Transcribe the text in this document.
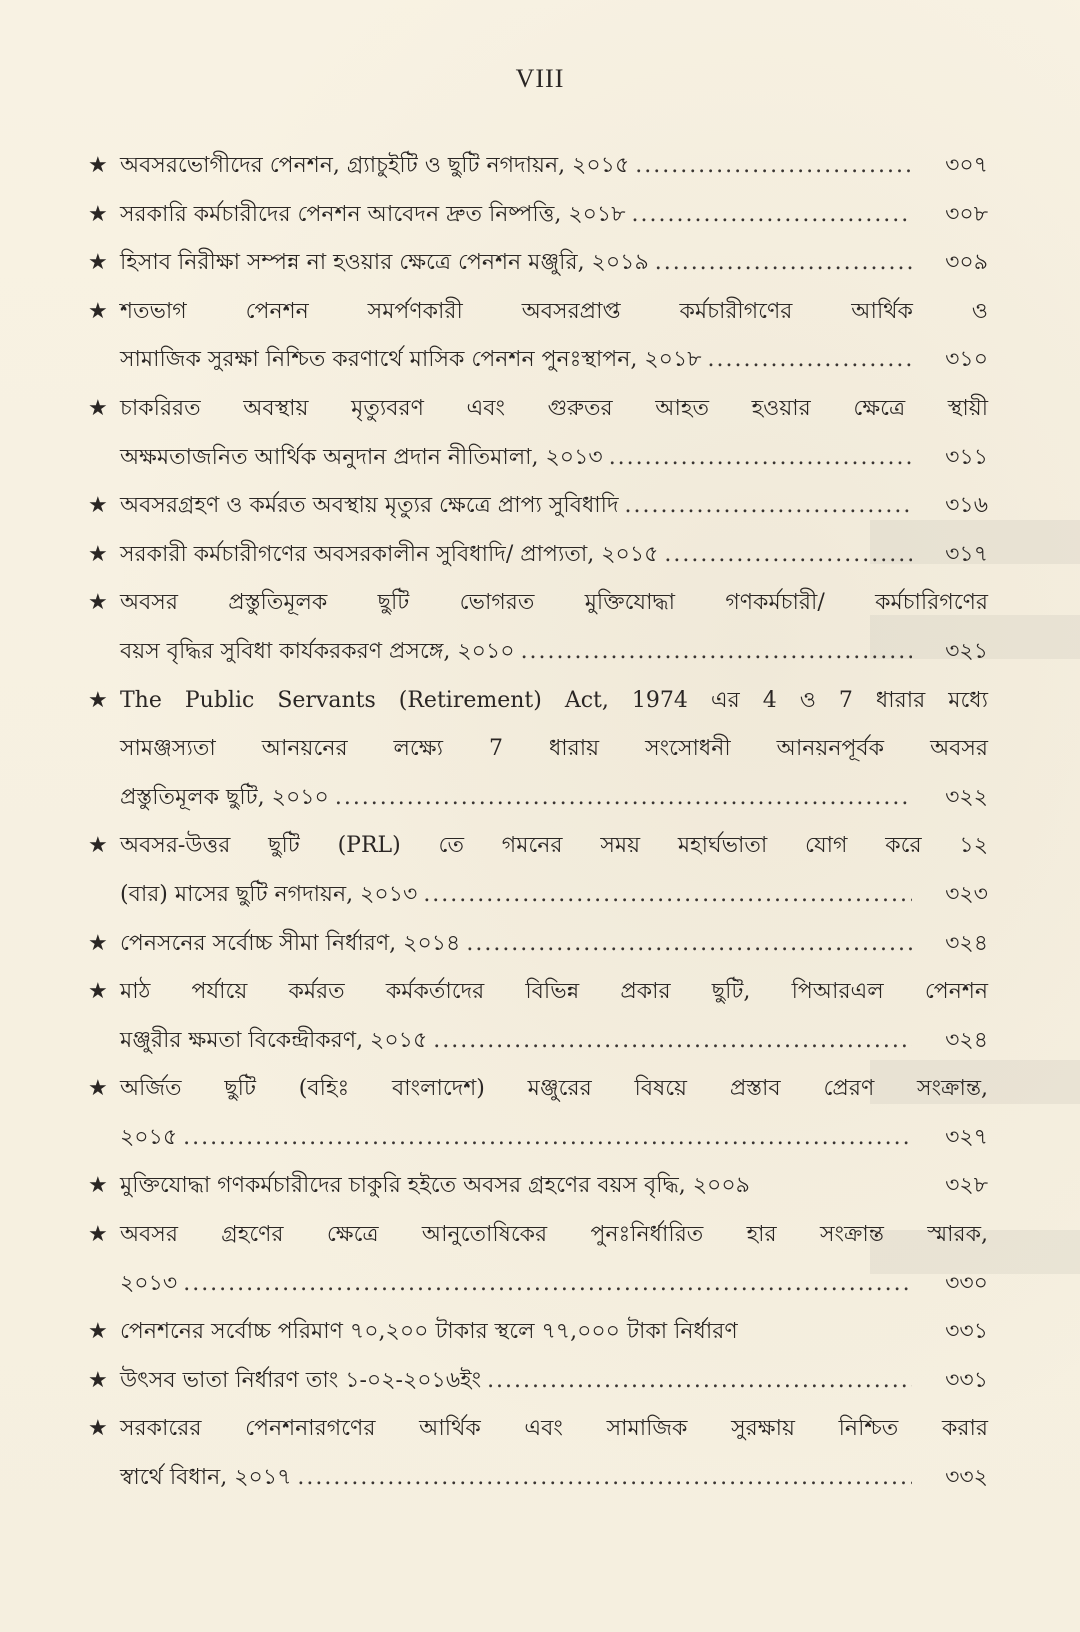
VIII
★ অবসরভোগীদের পেনশন, গ্র্যাচুইটি ও ছুটি নগদায়ন, ২০১৫ .....	৩০৭
★ সরকারি কর্মচারীদের পেনশন আবেদন দ্রুত নিষ্পত্তি, ২০১৮ .....	৩০৮
★ হিসাব নিরীক্ষা সম্পন্ন না হওয়ার ক্ষেত্রে পেনশন মঞ্জুরি, ২০১৯ .....	৩০৯
★ শতভাগ পেনশন সমর্পণকারী অবসরপ্রাপ্ত কর্মচারীগণের আর্থিক ও
সামাজিক সুরক্ষা নিশ্চিত করণার্থে মাসিক পেনশন পুনঃস্থাপন, ২০১৮ .....	৩১০
★ চাকরিরত অবস্থায় মৃত্যুবরণ এবং গুরুতর আহত হওয়ার ক্ষেত্রে স্থায়ী
অক্ষমতাজনিত আর্থিক অনুদান প্রদান নীতিমালা, ২০১৩ .....	৩১১
★ অবসরগ্রহণ ও কর্মরত অবস্থায় মৃত্যুর ক্ষেত্রে প্রাপ্য সুবিধাদি .....	৩১৬
★ সরকারী কর্মচারীগণের অবসরকালীন সুবিধাদি/ প্রাপ্যতা, ২০১৫ .....	৩১৭
★ অবসর প্রস্তুতিমূলক ছুটি ভোগরত মুক্তিযোদ্ধা গণকর্মচারী/ কর্মচারিগণের
বয়স বৃদ্ধির সুবিধা কার্যকরকরণ প্রসঙ্গে, ২০১০ .....	৩২১
★ The Public Servants (Retirement) Act, 1974 এর 4 ও 7 ধারার মধ্যে
সামঞ্জস্যতা আনয়নের লক্ষ্যে 7 ধারায় সংসোধনী আনয়নপূর্বক অবসর
প্রস্তুতিমূলক ছুটি, ২০১০ .....	৩২২
★ অবসর-উত্তর ছুটি (PRL) তে গমনের সময় মহার্ঘভাতা যোগ করে ১২
(বার) মাসের ছুটি নগদায়ন, ২০১৩ .....	৩২৩
★ পেনসনের সর্বোচ্চ সীমা নির্ধারণ, ২০১৪ .....	৩২৪
★ মাঠ পর্যায়ে কর্মরত কর্মকর্তাদের বিভিন্ন প্রকার ছুটি, পিআরএল পেনশন
মঞ্জুরীর ক্ষমতা বিকেন্দ্রীকরণ, ২০১৫ .....	৩২৪
★ অর্জিত ছুটি (বহিঃ বাংলাদেশ) মঞ্জুরের বিষয়ে প্রস্তাব প্রেরণ সংক্রান্ত,
২০১৫ .....	৩২৭
★ মুক্তিযোদ্ধা গণকর্মচারীদের চাকুরি হইতে অবসর গ্রহণের বয়স বৃদ্ধি, ২০০৯	৩২৮
★ অবসর গ্রহণের ক্ষেত্রে আনুতোষিকের পুনঃনির্ধারিত হার সংক্রান্ত স্মারক,
২০১৩ .....	৩৩০
★ পেনশনের সর্বোচ্চ পরিমাণ ৭০,২০০ টাকার স্থলে ৭৭,০০০ টাকা নির্ধারণ	৩৩১
★ উৎসব ভাতা নির্ধারণ তাং ১-০২-২০১৬ইং .....	৩৩১
★ সরকারের পেনশনারগণের আর্থিক এবং সামাজিক সুরক্ষায় নিশ্চিত করার
স্বার্থে বিধান, ২০১৭ .....	৩৩২
